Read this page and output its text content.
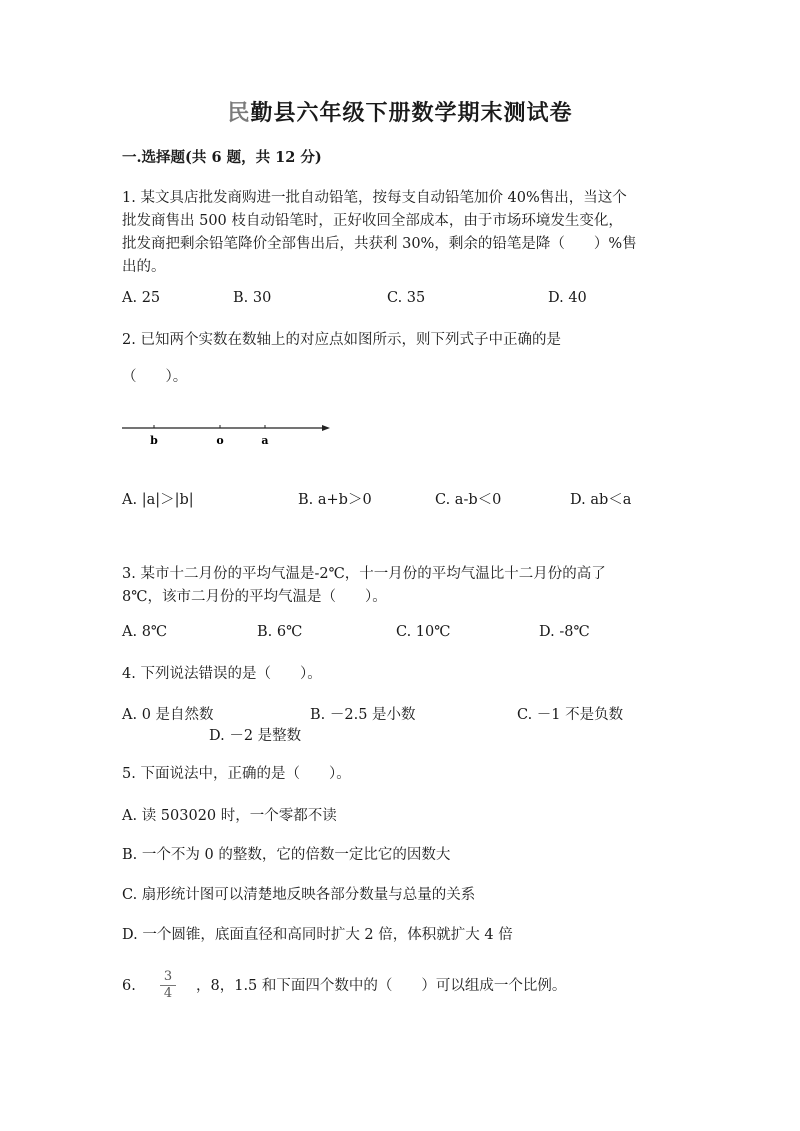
民勤县六年级下册数学期末测试卷
一.选择题(共 6 题，共 12 分)
1. 某文具店批发商购进一批自动铅笔，按每支自动铅笔加价 40%售出，当这个
批发商售出 500 枝自动铅笔时，正好收回全部成本，由于市场环境发生变化，
批发商把剩余铅笔降价全部售出后，共获利 30%，剩余的铅笔是降（　　）%售
出的。
A. 25	B. 30	C. 35	D. 40
2. 已知两个实数在数轴上的对应点如图所示，则下列式子中正确的是
（　　）。
b	o	a
A. |a|＞|b|	B. a+b＞0	C. a-b＜0	D. ab＜a
3. 某市十二月份的平均气温是-2℃，十一月份的平均气温比十二月份的高了
8℃，该市二月份的平均气温是（　　）。
A. 8℃	B. 6℃	C. 10℃	D. -8℃
4. 下列说法错误的是（　　）。
A. 0 是自然数	B. －2.5 是小数	C. －1 不是负数
D. －2 是整数
5. 下面说法中，正确的是（　　）。
A. 读 503020 时，一个零都不读
B. 一个不为 0 的整数，它的倍数一定比它的因数大
C. 扇形统计图可以清楚地反映各部分数量与总量的关系
D. 一个圆锥，底面直径和高同时扩大 2 倍，体积就扩大 4 倍
6.
3
4	，8，1.5 和下面四个数中的（　　）可以组成一个比例。
